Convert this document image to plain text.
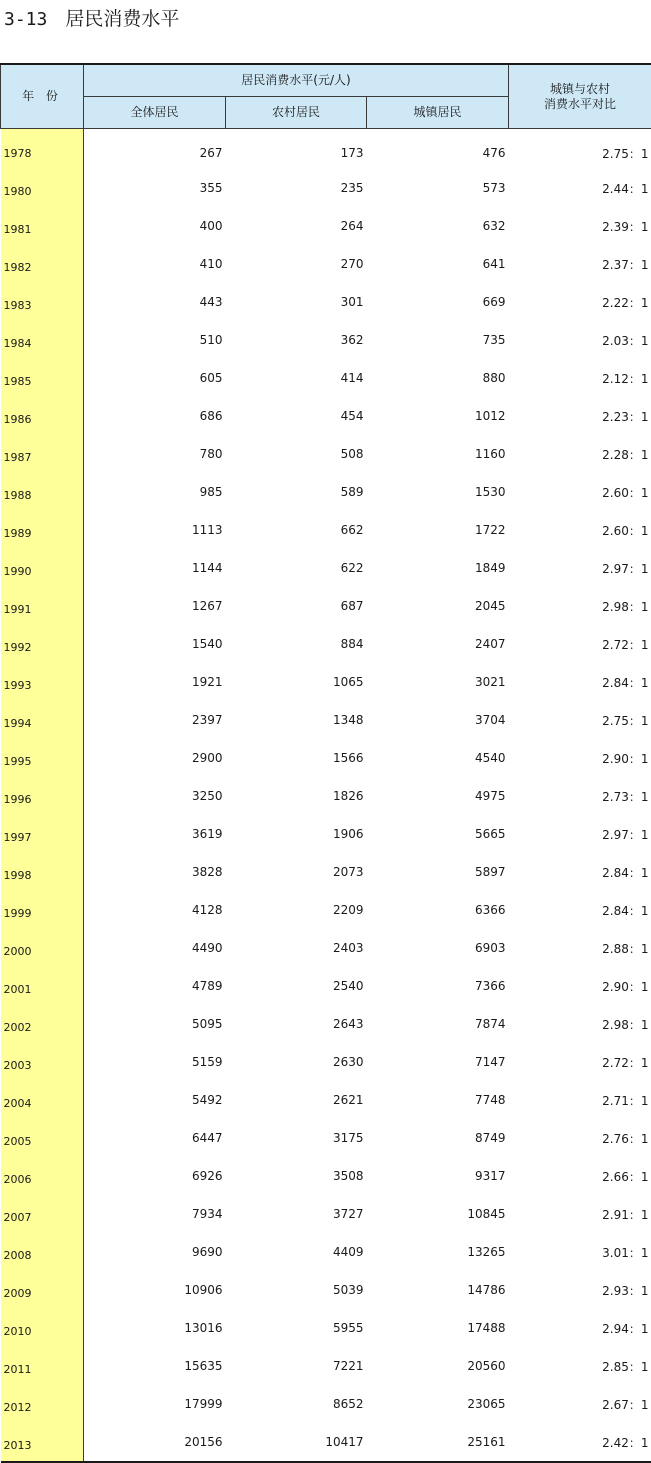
3-13 居民消费水平
年 份	居民消费水平(元/人)			城镇与农村
消费水平对比

	全体居民	农村居民	城镇居民	
1978	267	173	476	2.75：1
1980	355	235	573	2.44：1
1981	400	264	632	2.39：1
1982	410	270	641	2.37：1
1983	443	301	669	2.22：1
1984	510	362	735	2.03：1
1985	605	414	880	2.12：1
1986	686	454	1012	2.23：1
1987	780	508	1160	2.28：1
1988	985	589	1530	2.60：1
1989	1113	662	1722	2.60：1
1990	1144	622	1849	2.97：1
1991	1267	687	2045	2.98：1
1992	1540	884	2407	2.72：1
1993	1921	1065	3021	2.84：1
1994	2397	1348	3704	2.75：1
1995	2900	1566	4540	2.90：1
1996	3250	1826	4975	2.73：1
1997	3619	1906	5665	2.97：1
1998	3828	2073	5897	2.84：1
1999	4128	2209	6366	2.84：1
2000	4490	2403	6903	2.88：1
2001	4789	2540	7366	2.90：1
2002	5095	2643	7874	2.98：1
2003	5159	2630	7147	2.72：1
2004	5492	2621	7748	2.71：1
2005	6447	3175	8749	2.76：1
2006	6926	3508	9317	2.66：1
2007	7934	3727	10845	2.91：1
2008	9690	4409	13265	3.01：1
2009	10906	5039	14786	2.93：1
2010	13016	5955	17488	2.94：1
2011	15635	7221	20560	2.85：1
2012	17999	8652	23065	2.67：1
2013	20156	10417	25161	2.42：1
